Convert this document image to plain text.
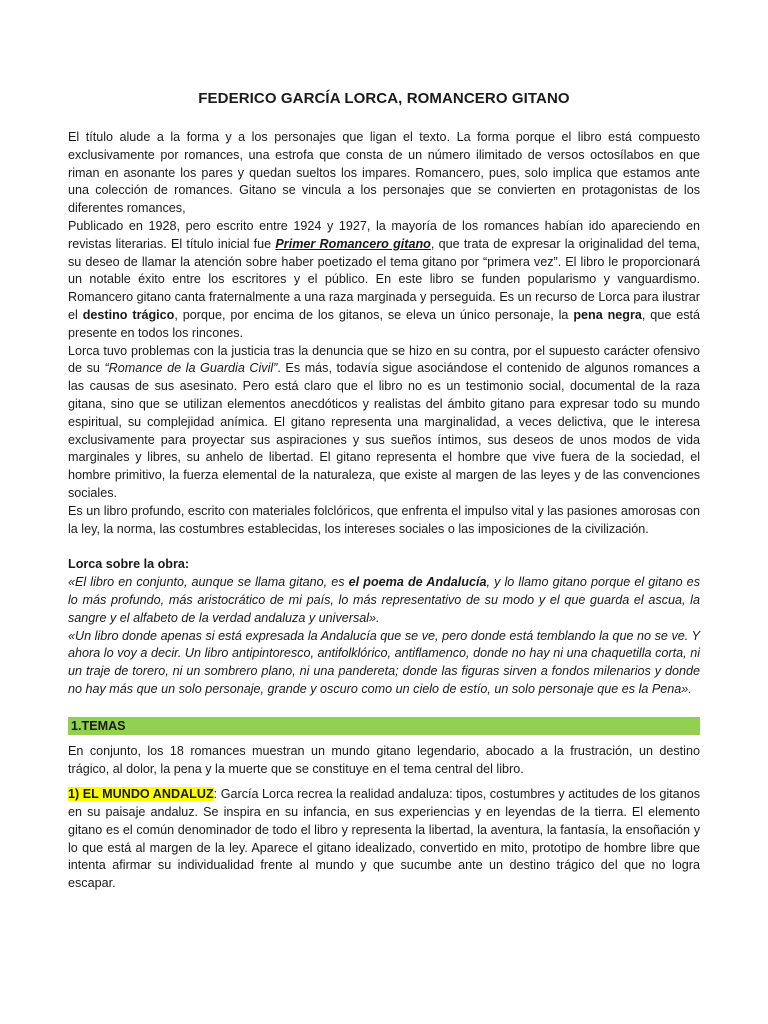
FEDERICO GARCÍA LORCA, ROMANCERO GITANO

El título alude a la forma y a los personajes que ligan el texto. La forma porque el libro está compuesto exclusivamente por romances, una estrofa que consta de un número ilimitado de versos octosílabos en que riman en asonante los pares y quedan sueltos los impares. Romancero, pues, solo implica que estamos ante una colección de romances. Gitano se vincula a los personajes que se convierten en protagonistas de los diferentes romances,

Publicado en 1928, pero escrito entre 1924 y 1927, la mayoría de los romances habían ido apareciendo en revistas literarias. El título inicial fue Primer Romancero gitano, que trata de expresar la originalidad del tema, su deseo de llamar la atención sobre haber poetizado el tema gitano por “primera vez”. El libro le proporcionará un notable éxito entre los escritores y el público. En este libro se funden popularismo y vanguardismo. Romancero gitano canta fraternalmente a una raza marginada y perseguida. Es un recurso de Lorca para ilustrar el destino trágico, porque, por encima de los gitanos, se eleva un único personaje, la pena negra, que está presente en todos los rincones.

Lorca tuvo problemas con la justicia tras la denuncia que se hizo en su contra, por el supuesto carácter ofensivo de su “Romance de la Guardia Civil”. Es más, todavía sigue asociándose el contenido de algunos romances a las causas de sus asesinato. Pero está claro que el libro no es un testimonio social, documental de la raza gitana, sino que se utilizan elementos anecdóticos y realistas del ámbito gitano para expresar todo su mundo espiritual, su complejidad anímica. El gitano representa una marginalidad, a veces delictiva, que le interesa exclusivamente para proyectar sus aspiraciones y sus sueños íntimos, sus deseos de unos modos de vida marginales y libres, su anhelo de libertad. El gitano representa el hombre que vive fuera de la sociedad, el hombre primitivo, la fuerza elemental de la naturaleza, que existe al margen de las leyes y de las convenciones sociales.

Es un libro profundo, escrito con materiales folclóricos, que enfrenta el impulso vital y las pasiones amorosas con la ley, la norma, las costumbres establecidas, los intereses sociales o las imposiciones de la civilización.

Lorca sobre la obra:

«El libro en conjunto, aunque se llama gitano, es el poema de Andalucía, y lo llamo gitano porque el gitano es lo más profundo, más aristocrático de mi país, lo más representativo de su modo y el que guarda el ascua, la sangre y el alfabeto de la verdad andaluza y universal».

«Un libro donde apenas si está expresada la Andalucía que se ve, pero donde está temblando la que no se ve. Y ahora lo voy a decir. Un libro antipintoresco, antifolklórico, antiflamenco, donde no hay ni una chaquetilla corta, ni un traje de torero, ni un sombrero plano, ni una pandereta; donde las figuras sirven a fondos milenarios y donde no hay más que un solo personaje, grande y oscuro como un cielo de estío, un solo personaje que es la Pena».

1.TEMAS

En conjunto, los 18 romances muestran un mundo gitano legendario, abocado a la frustración, un destino trágico, al dolor, la pena y la muerte que se constituye en el tema central del libro.

1) EL MUNDO ANDALUZ: García Lorca recrea la realidad andaluza: tipos, costumbres y actitudes de los gitanos en su paisaje andaluz. Se inspira en su infancia, en sus experiencias y en leyendas de la tierra. El elemento gitano es el común denominador de todo el libro y representa la libertad, la aventura, la fantasía, la ensoñación y lo que está al margen de la ley. Aparece el gitano idealizado, convertido en mito, prototipo de hombre libre que intenta afirmar su individualidad frente al mundo y que sucumbe ante un destino trágico del que no logra escapar.
